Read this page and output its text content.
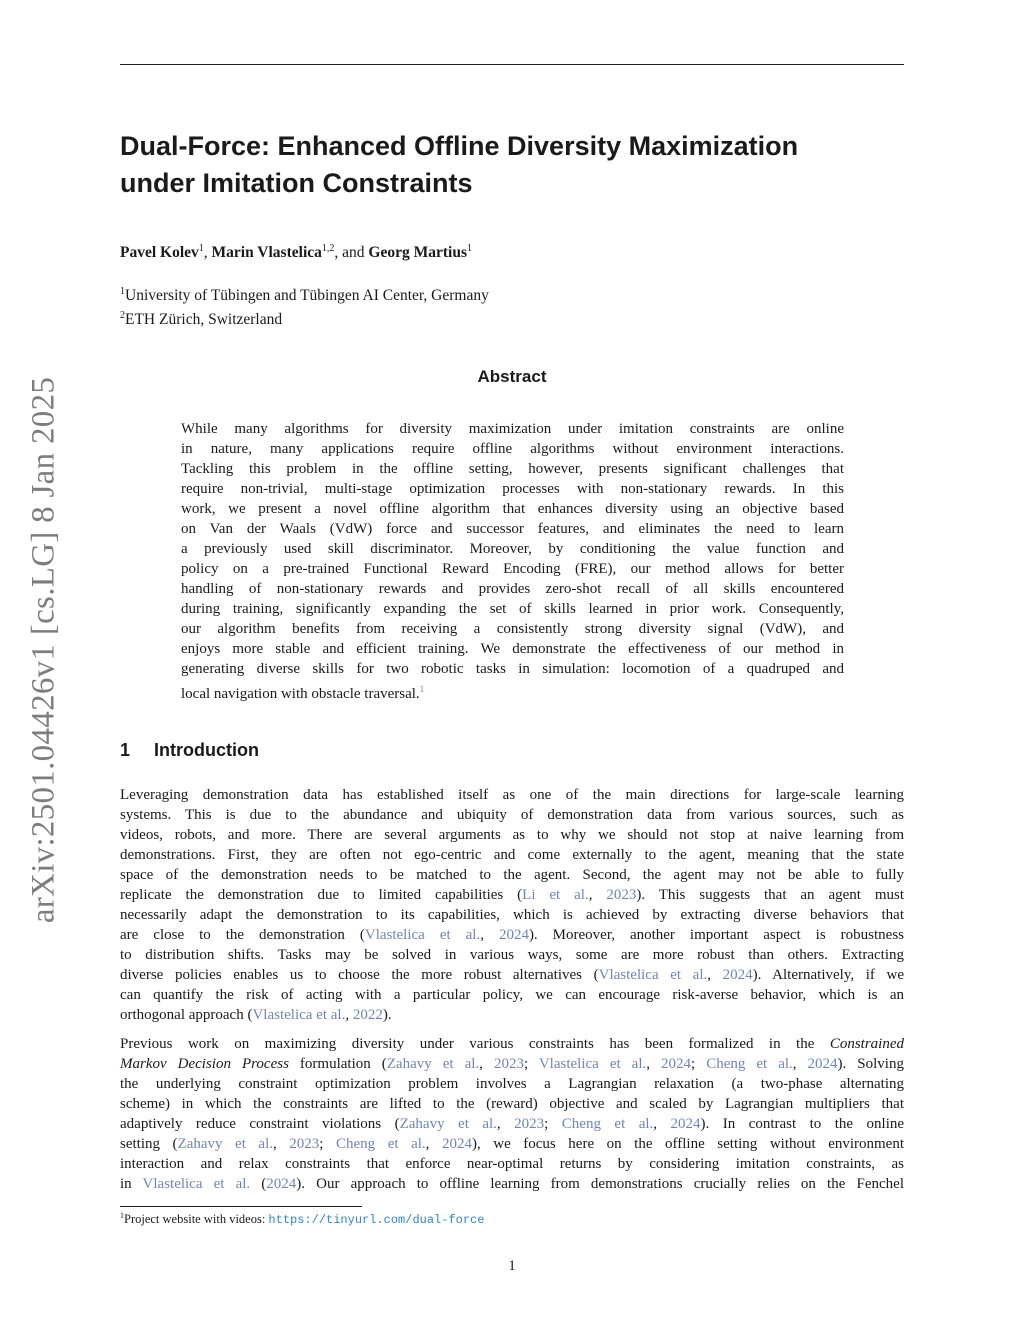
arXiv:2501.04426v1 [cs.LG] 8 Jan 2025
Dual-Force: Enhanced Offline Diversity Maximization
under Imitation Constraints
Pavel Kolev$^1$, Marin Vlastelica$^{1,2}$, and Georg Martius$^1$
$^1$University of Tübingen and Tübingen AI Center, Germany
$^2$ETH Zürich, Switzerland
Abstract
While many algorithms for diversity maximization under imitation constraints are online
in nature, many applications require offline algorithms without environment interactions.
Tackling this problem in the offline setting, however, presents significant challenges that
require non-trivial, multi-stage optimization processes with non-stationary rewards. In this
work, we present a novel offline algorithm that enhances diversity using an objective based
on Van der Waals (VdW) force and successor features, and eliminates the need to learn
a previously used skill discriminator. Moreover, by conditioning the value function and
policy on a pre-trained Functional Reward Encoding (FRE), our method allows for better
handling of non-stationary rewards and provides zero-shot recall of all skills encountered
during training, significantly expanding the set of skills learned in prior work. Consequently,
our algorithm benefits from receiving a consistently strong diversity signal (VdW), and
enjoys more stable and efficient training. We demonstrate the effectiveness of our method in
generating diverse skills for two robotic tasks in simulation: locomotion of a quadruped and
local navigation with obstacle traversal.$^1$
1 Introduction
Leveraging demonstration data has established itself as one of the main directions for large-scale learning
systems. This is due to the abundance and ubiquity of demonstration data from various sources, such as
videos, robots, and more. There are several arguments as to why we should not stop at naive learning from
demonstrations. First, they are often not ego-centric and come externally to the agent, meaning that the state
space of the demonstration needs to be matched to the agent. Second, the agent may not be able to fully
replicate the demonstration due to limited capabilities (Li et al., 2023). This suggests that an agent must
necessarily adapt the demonstration to its capabilities, which is achieved by extracting diverse behaviors that
are close to the demonstration (Vlastelica et al., 2024). Moreover, another important aspect is robustness
to distribution shifts. Tasks may be solved in various ways, some are more robust than others. Extracting
diverse policies enables us to choose the more robust alternatives (Vlastelica et al., 2024). Alternatively, if we
can quantify the risk of acting with a particular policy, we can encourage risk-averse behavior, which is an
orthogonal approach (Vlastelica et al., 2022).
Previous work on maximizing diversity under various constraints has been formalized in the Constrained
Markov Decision Process formulation (Zahavy et al., 2023; Vlastelica et al., 2024; Cheng et al., 2024). Solving
the underlying constraint optimization problem involves a Lagrangian relaxation (a two-phase alternating
scheme) in which the constraints are lifted to the (reward) objective and scaled by Lagrangian multipliers that
adaptively reduce constraint violations (Zahavy et al., 2023; Cheng et al., 2024). In contrast to the online
setting (Zahavy et al., 2023; Cheng et al., 2024), we focus here on the offline setting without environment
interaction and relax constraints that enforce near-optimal returns by considering imitation constraints, as
in Vlastelica et al. (2024). Our approach to offline learning from demonstrations crucially relies on the Fenchel
$^1$Project website with videos: https://tinyurl.com/dual-force
1
